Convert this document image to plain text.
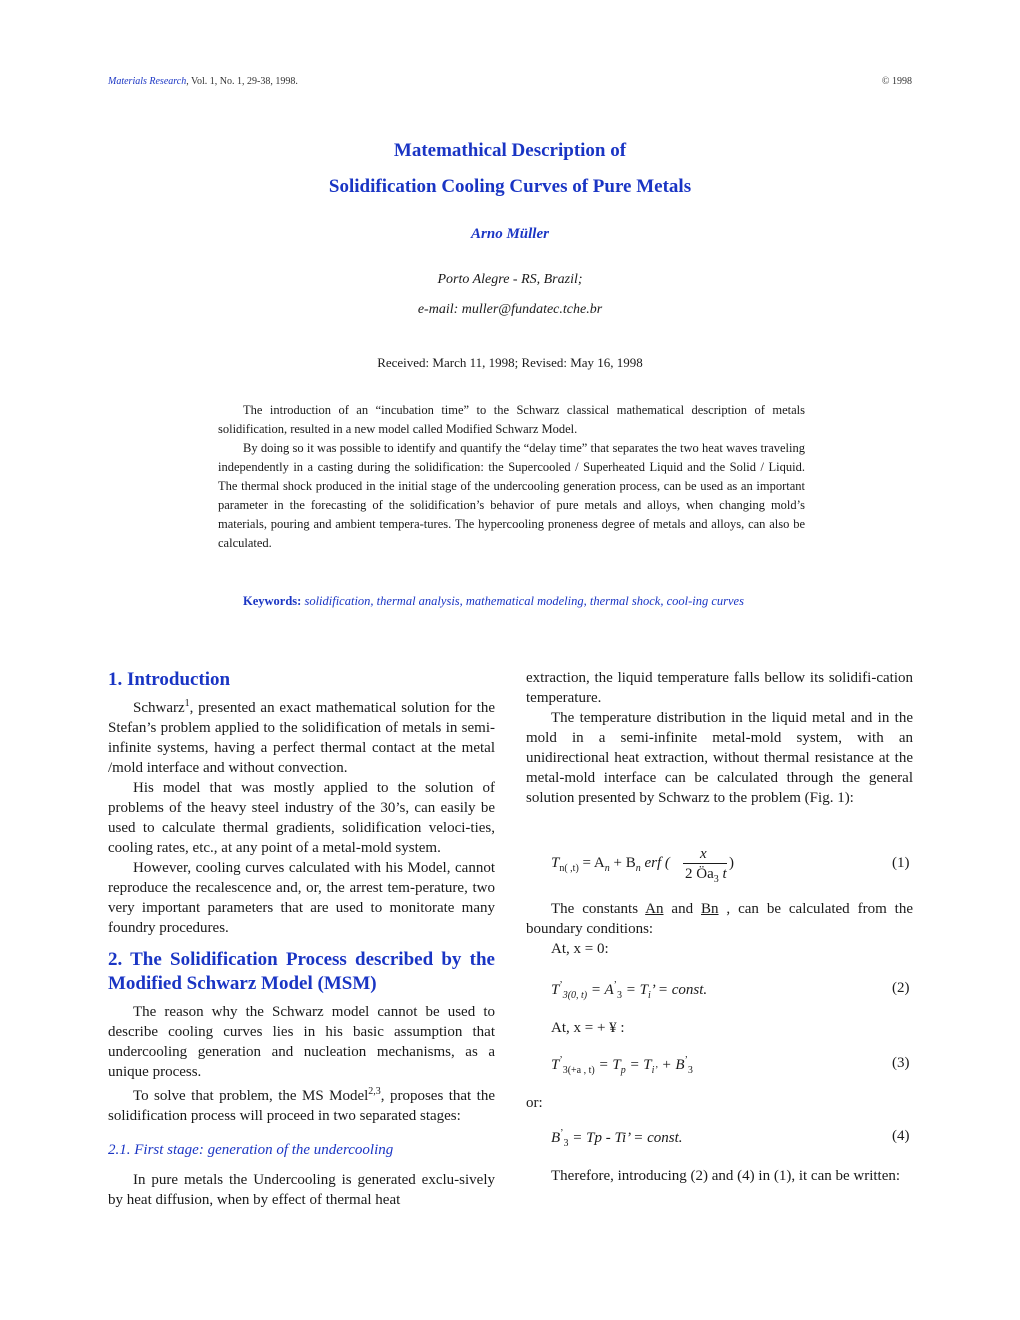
Materials Research, Vol. 1, No. 1, 29-38, 1998.	© 1998
Matemathical Description of
Solidification Cooling Curves of Pure Metals
Arno Müller
Porto Alegre - RS, Brazil;
e-mail: muller@fundatec.tche.br
Received: March 11, 1998; Revised: May 16, 1998

The introduction of an “incubation time” to the Schwarz classical mathematical description of metals solidification, resulted in a new model called Modified Schwarz Model.

By doing so it was possible to identify and quantify the “delay time” that separates the two heat waves traveling independently in a casting during the solidification: the Supercooled / Superheated Liquid and the Solid / Liquid. The thermal shock produced in the initial stage of the undercooling generation process, can be used as an important parameter in the forecasting of the solidification’s behavior of pure metals and alloys, when changing mold’s materials, pouring and ambient tempera-tures. The hypercooling proneness degree of metals and alloys, can also be calculated.

Keywords: solidification, thermal analysis, mathematical modeling, thermal shock, cool-ing curves
1. Introduction

Schwarz$^1$, presented an exact mathematical solution for the Stefan’s problem applied to the solidification of metals in semi-infinite systems, having a perfect thermal contact at the metal /mold interface and without convection.

His model that was mostly applied to the solution of problems of the heavy steel industry of the 30’s, can easily be used to calculate thermal gradients, solidification veloci-ties, cooling rates, etc., at any point of a metal-mold system.

However, cooling curves calculated with his Model, cannot reproduce the recalescence and, or, the arrest tem-perature, two very important parameters that are used to monitorate many foundry procedures.

2. The Solidification Process described by the Modified Schwarz Model (MSM)

The reason why the Schwarz model cannot be used to describe cooling curves lies in his basic assumption that undercooling generation and nucleation mechanisms, as a unique process.

To solve that problem, the MS Model$^{2,3}$, proposes that the solidification process will proceed in two separated stages:

2.1. First stage: generation of the undercooling

In pure metals the Undercooling is generated exclu-sively by heat diffusion, when by effect of thermal heat

extraction, the liquid temperature falls bellow its solidifi-cation temperature.

The temperature distribution in the liquid metal and in the mold in a semi-infinite metal-mold system, with an unidirectional heat extraction, without thermal resistance at the metal-mold interface can be calculated through the general solution presented by Schwarz to the problem (Fig. 1):

$T_{n( ,t)} = A_n + B_n$ erf (
x
2 $Öa_3$ t
)	(1)

The constants An and Bn , can be calculated from the boundary conditions:

At, x = 0:

$T^’_{3(0, t)} = A^’_3 = T_i$’ = const.	(2)
At, x = + ¥ :
$T^’_{3(+a , t)} = T_p = T_{i’} + B^’_3$	(3)
or:
$B^’_3 = Tp - Ti$’ = const.	(4)

Therefore, introducing (2) and (4) in (1), it can be written:
